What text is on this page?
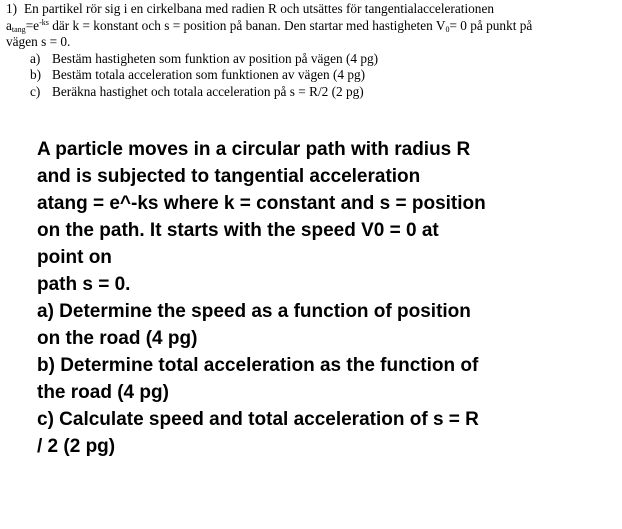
1) En partikel rör sig i en cirkelbana med radien R och utsättes för tangentialaccelerationen
$a_{tang}=e^{-ks}$ där k = konstant och s = position på banan. Den startar med hastigheten $V_0= 0$ på punkt på
vägen s = 0.
a) Bestäm hastigheten som funktion av position på vägen (4 pg)
b) Bestäm totala acceleration som funktionen av vägen (4 pg)
c) Beräkna hastighet och totala acceleration på s = R/2 (2 pg)
A particle moves in a circular path with radius R
and is subjected to tangential acceleration
atang = e^-ks where k = constant and s = position
on the path. It starts with the speed V0 = 0 at
point on
path s = 0.
a) Determine the speed as a function of position
on the road (4 pg)
b) Determine total acceleration as the function of
the road (4 pg)
c) Calculate speed and total acceleration of s = R
/ 2 (2 pg)
